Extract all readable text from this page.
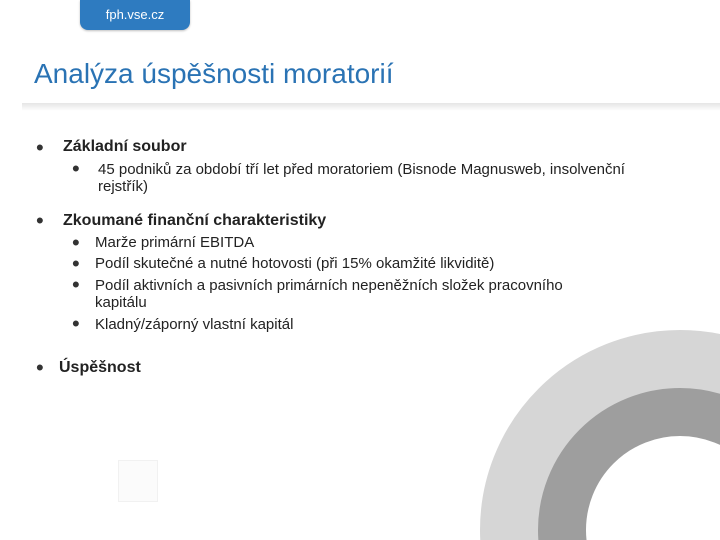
fph.vse.cz
Analýza úspěšnosti moratorií
• Základní soubor
• 45 podniků za období tří let před moratoriem (Bisnode Magnusweb, insolvenční rejstřík)
• Zkoumané finanční charakteristiky
• Marže primární EBITDA
• Podíl skutečné a nutné hotovosti (při 15% okamžité likviditě)
• Podíl aktivních a pasivních primárních nepeněžních složek pracovního kapitálu
• Kladný/záporný vlastní kapitál
• Úspěšnost
